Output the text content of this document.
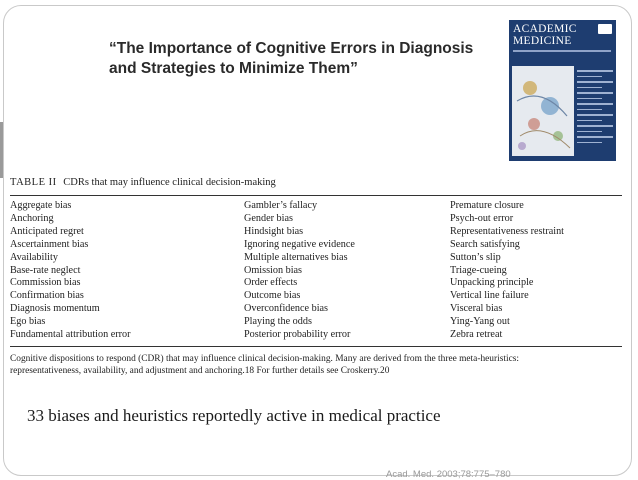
“The Importance of Cognitive Errors in Diagnosis
and Strategies to Minimize Them”
ACADEMIC
MEDICINE
TABLE II CDRs that may influence clinical decision-making
Aggregate bias
Anchoring
Anticipated regret
Ascertainment bias
Availability
Base-rate neglect
Commission bias
Confirmation bias
Diagnosis momentum
Ego bias
Fundamental attribution error
Gambler’s fallacy
Gender bias
Hindsight bias
Ignoring negative evidence
Multiple alternatives bias
Omission bias
Order effects
Outcome bias
Overconfidence bias
Playing the odds
Posterior probability error
Premature closure
Psych-out error
Representativeness restraint
Search satisfying
Sutton’s slip
Triage-cueing
Unpacking principle
Vertical line failure
Visceral bias
Ying-Yang out
Zebra retreat
Cognitive dispositions to respond (CDR) that may influence clinical decision-making. Many are derived from the three meta-heuristics:
representativeness, availability, and adjustment and anchoring.18 For further details see Croskerry.20
33 biases and heuristics reportedly active in medical practice
Acad. Med. 2003;78:775–780
